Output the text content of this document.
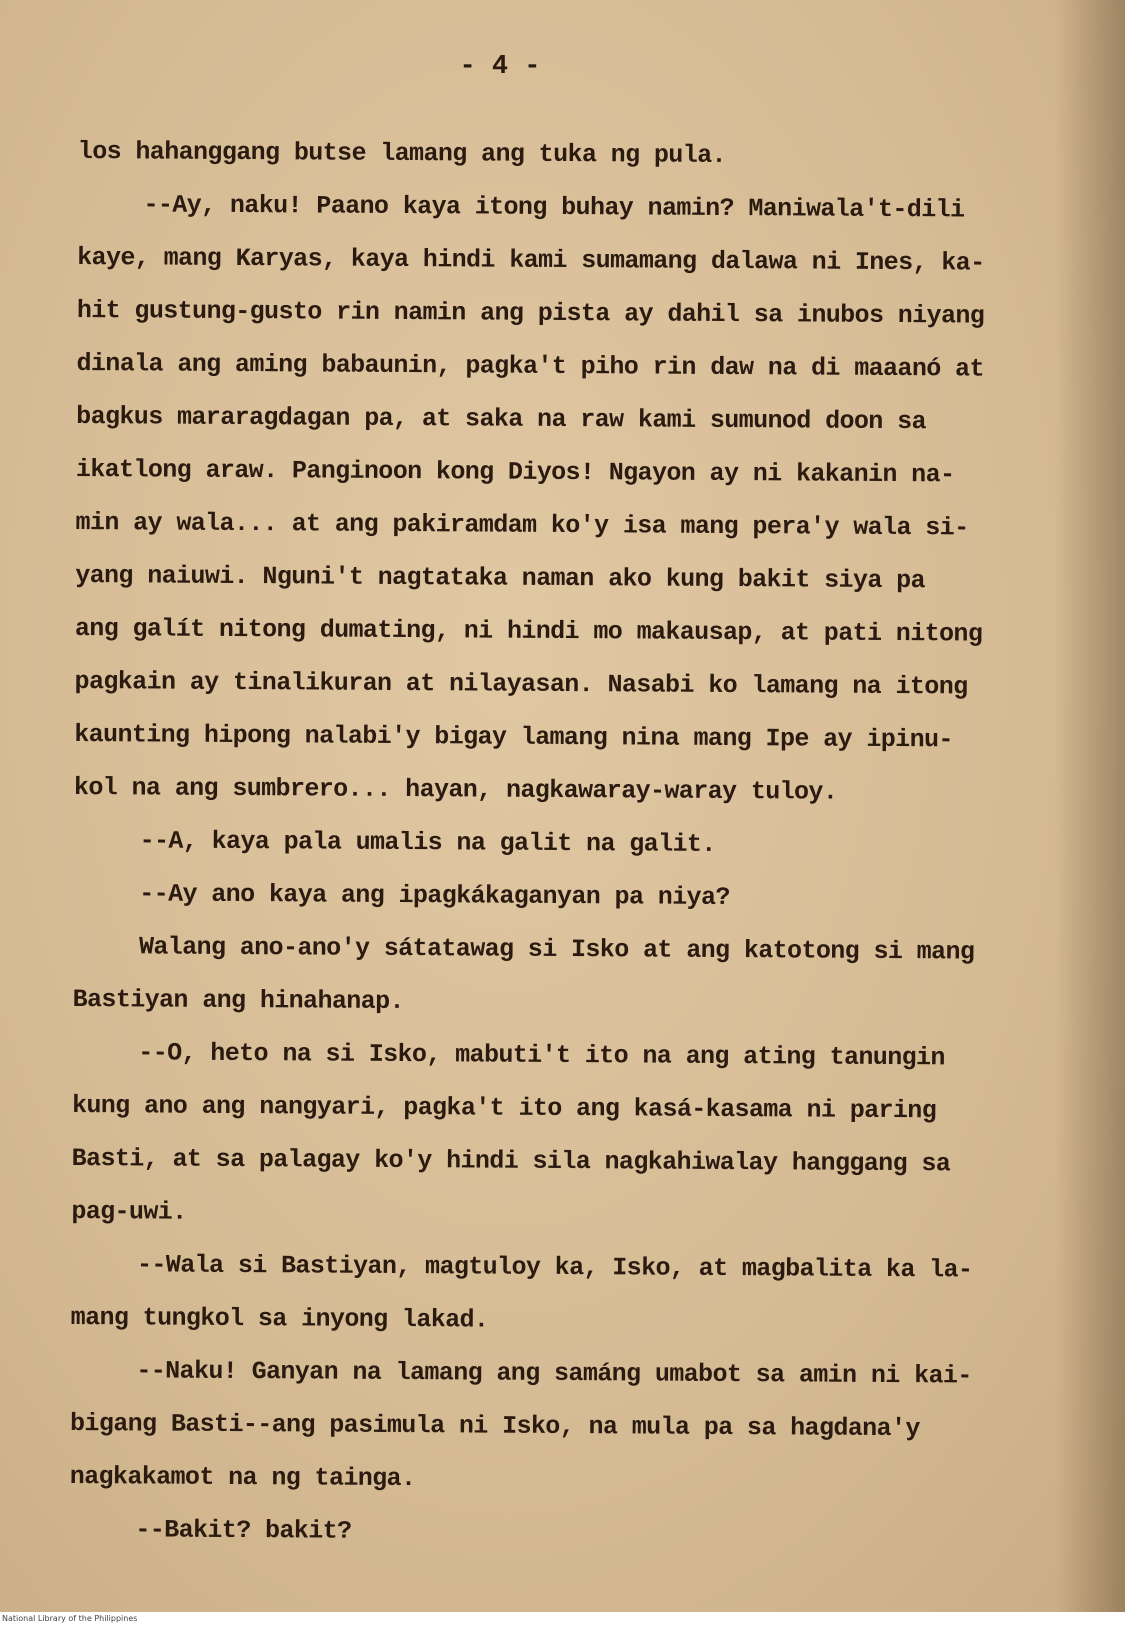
- 4 -
los hahanggang butse lamang ang tuka ng pula.
--Ay, naku! Paano kaya itong buhay namin? Maniwala't-dili
kaye, mang Karyas, kaya hindi kami sumamang dalawa ni Ines, ka-
hit gustung-gusto rin namin ang pista ay dahil sa inubos niyang
dinala ang aming babaunin, pagka't piho rin daw na di maaanó at
bagkus mararagdagan pa, at saka na raw kami sumunod doon sa
ikatlong araw. Panginoon kong Diyos! Ngayon ay ni kakanin na-
min ay wala... at ang pakiramdam ko'y isa mang pera'y wala si-
yang naiuwi. Nguni't nagtataka naman ako kung bakit siya pa
ang galít nitong dumating, ni hindi mo makausap, at pati nitong
pagkain ay tinalikuran at nilayasan. Nasabi ko lamang na itong
kaunting hipong nalabi'y bigay lamang nina mang Ipe ay ipinu-
kol na ang sumbrero... hayan, nagkawaray-waray tuloy.
--A, kaya pala umalis na galit na galit.
--Ay ano kaya ang ipagkákaganyan pa niya?
Walang ano-ano'y sátatawag si Isko at ang katotong si mang
Bastiyan ang hinahanap.
--O, heto na si Isko, mabuti't ito na ang ating tanungin
kung ano ang nangyari, pagka't ito ang kasá-kasama ni paring
Basti, at sa palagay ko'y hindi sila nagkahiwalay hanggang sa
pag-uwi.
--Wala si Bastiyan, magtuloy ka, Isko, at magbalita ka la-
mang tungkol sa inyong lakad.
--Naku! Ganyan na lamang ang samáng umabot sa amin ni kai-
bigang Basti--ang pasimula ni Isko, na mula pa sa hagdana'y
nagkakamot na ng tainga.
--Bakit? bakit?
National Library of the Philippines
